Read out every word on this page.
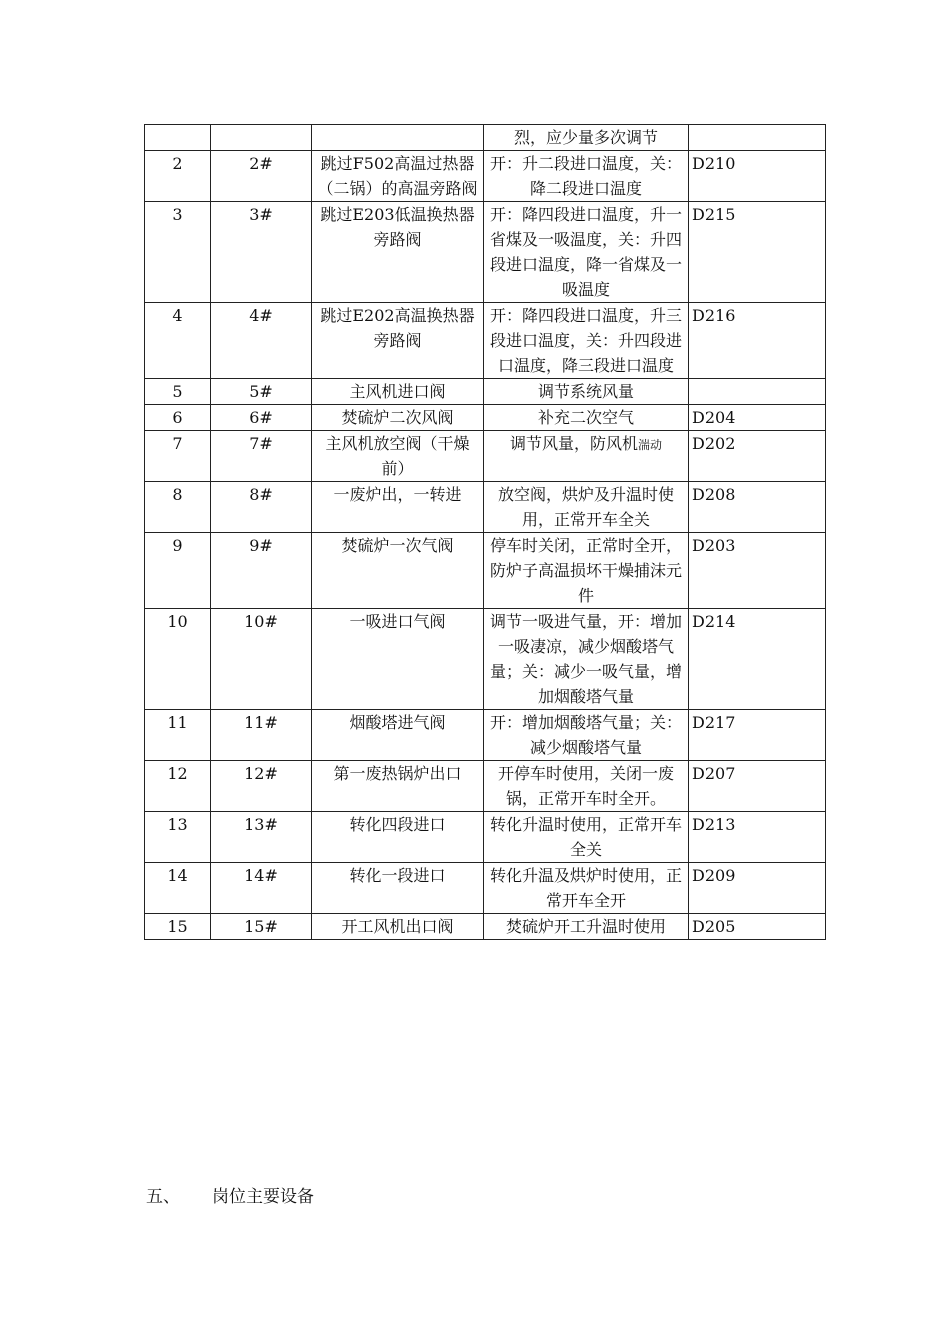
			烈，应少量多次调节	
2	2#	跳过F502高温过热器（二锅）的高温旁路阀	开：升二段进口温度，关：降二段进口温度	D210
3	3#	跳过E203低温换热器旁路阀	开：降四段进口温度，升一省煤及一吸温度，关：升四段进口温度，降一省煤及一吸温度	D215
4	4#	跳过E202高温换热器旁路阀	开：降四段进口温度，升三段进口温度，关：升四段进口温度，降三段进口温度	D216
5	5#	主风机进口阀	调节系统风量	
6	6#	焚硫炉二次风阀	补充二次空气	D204
7	7#	主风机放空阀（干燥前）	调节风量，防风机湍动	D202
8	8#	一废炉出，一转进	放空阀，烘炉及升温时使用，正常开车全关	D208
9	9#	焚硫炉一次气阀	停车时关闭，正常时全开，防炉子高温损坏干燥捕沫元件	D203
10	10#	一吸进口气阀	调节一吸进气量，开：增加一吸凄凉，减少烟酸塔气量；关：减少一吸气量，增加烟酸塔气量	D214
11	11#	烟酸塔进气阀	开：增加烟酸塔气量；关：减少烟酸塔气量	D217
12	12#	第一废热锅炉出口	开停车时使用，关闭一废锅，正常开车时全开。	D207
13	13#	转化四段进口	转化升温时使用，正常开车全关	D213
14	14#	转化一段进口	转化升温及烘炉时使用，正常开车全开	D209
15	15#	开工风机出口阀	焚硫炉开工升温时使用	D205
五、 岗位主要设备
